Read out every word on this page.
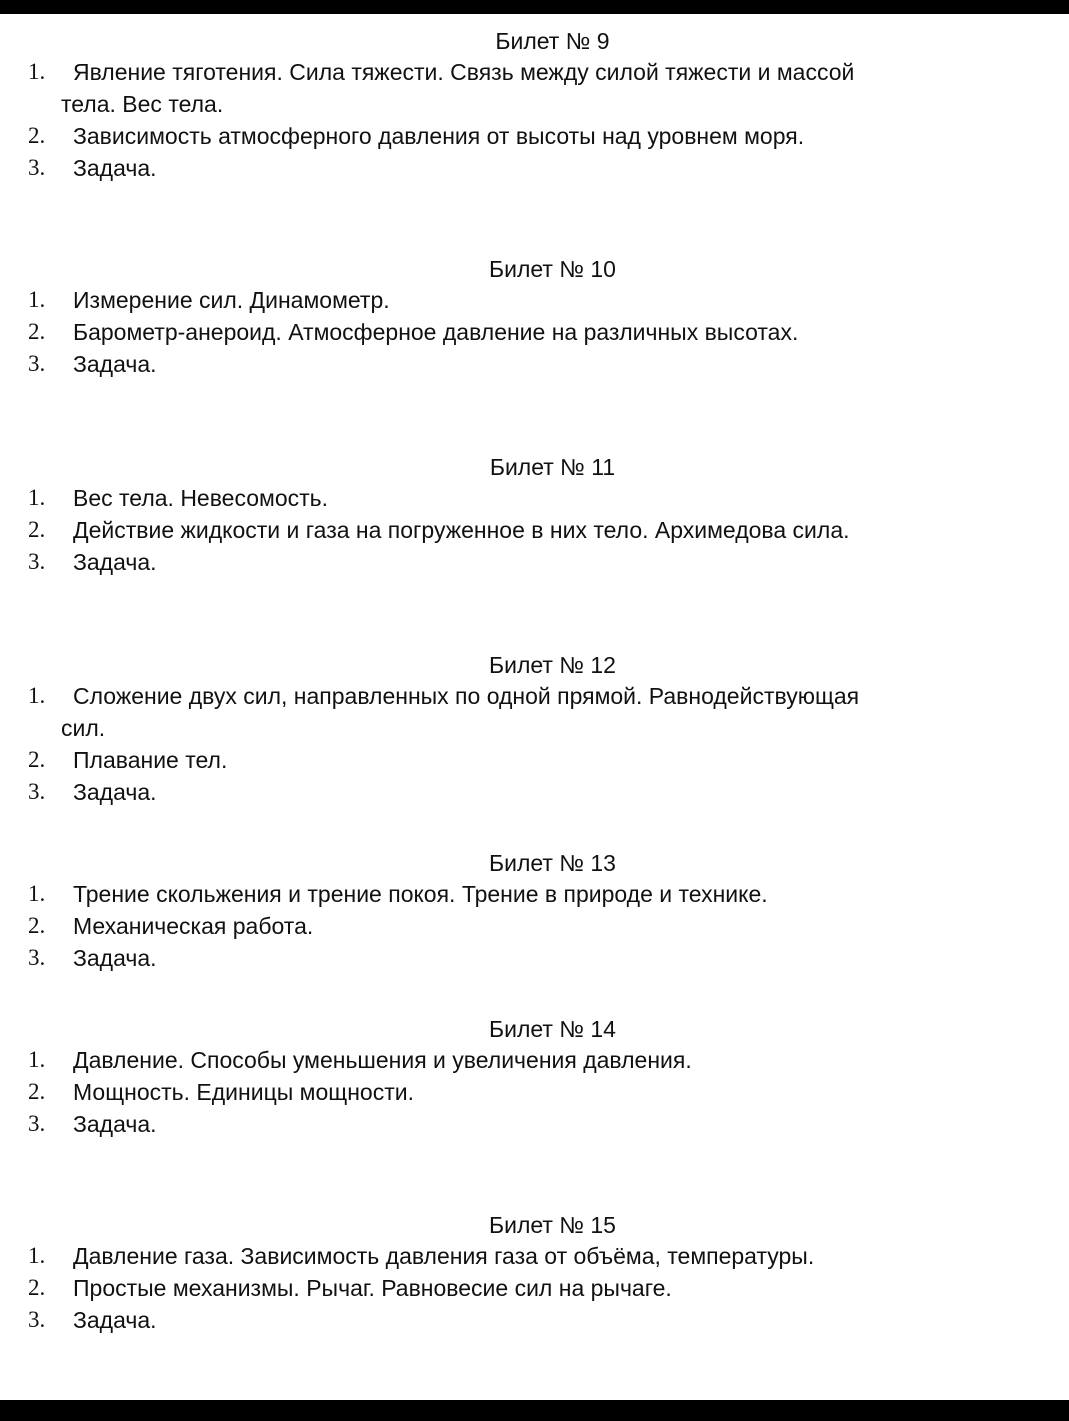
Билет № 9
1. Явление тяготения. Сила тяжести. Связь между силой тяжести и массой
тела. Вес тела.
2. Зависимость атмосферного давления от высоты над уровнем моря.
3. Задача.
Билет № 10
1. Измерение сил. Динамометр.
2. Барометр-анероид. Атмосферное давление на различных высотах.
3. Задача.
Билет № 11
1. Вес тела. Невесомость.
2. Действие жидкости и газа на погруженное в них тело. Архимедова сила.
3. Задача.
Билет № 12
1. Сложение двух сил, направленных по одной прямой. Равнодействующая
сил.
2. Плавание тел.
3. Задача.
Билет № 13
1. Трение скольжения и трение покоя. Трение в природе и технике.
2. Механическая работа.
3. Задача.
Билет № 14
1. Давление. Способы уменьшения и увеличения давления.
2. Мощность. Единицы мощности.
3. Задача.
Билет № 15
1. Давление газа. Зависимость давления газа от объёма, температуры.
2. Простые механизмы. Рычаг. Равновесие сил на рычаге.
3. Задача.
